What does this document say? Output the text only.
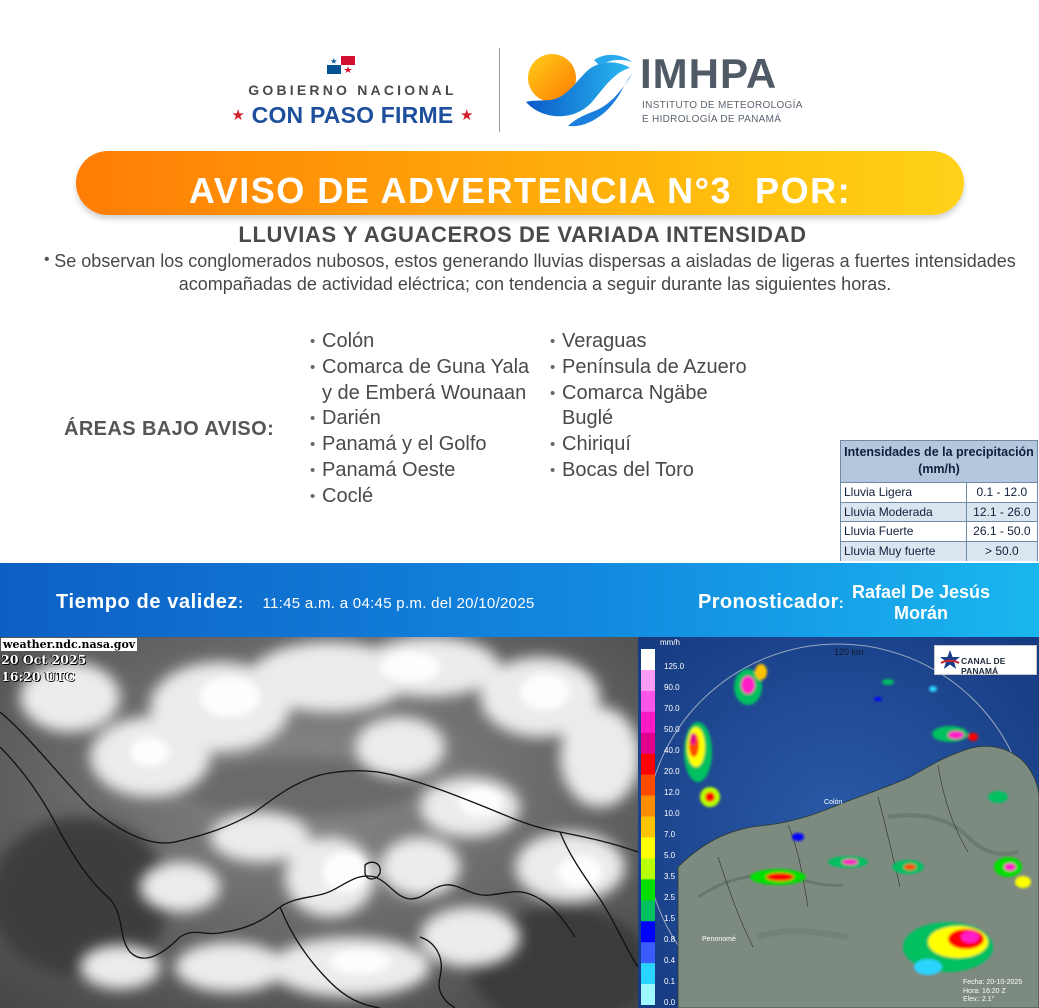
GOBIERNO NACIONAL
★ CON PASO FIRME ★
IMHPA
INSTITUTO DE METEOROLOGÍA
E HIDROLOGÍA DE PANAMÁ
AVISO DE ADVERTENCIA N°3  POR:
LLUVIAS Y AGUACEROS DE VARIADA INTENSIDAD
• Se observan los conglomerados nubosos, estos generando lluvias dispersas a aisladas de ligeras a fuertes intensidades acompañadas de actividad eléctrica; con tendencia a seguir durante las siguientes horas.
ÁREAS BAJO AVISO:
• Colón
• Comarca de Guna Yala y de Emberá Wounaan
• Darién
• Panamá y el Golfo
• Panamá Oeste
• Coclé
• Veraguas
• Península de Azuero
• Comarca Ngäbe Buglé
• Chiriquí
• Bocas del Toro
Intensidades de la precipitación (mm/h)
Lluvia Ligera	0.1 - 12.0
Lluvia Moderada	12.1 - 26.0
Lluvia Fuerte	26.1 - 50.0
Lluvia Muy fuerte	> 50.0
Tiempo de validez: 11:45 a.m. a 04:45 p.m. del 20/10/2025	Pronosticador:
Rafael De Jesús Morán
weather.ndc.nasa.gov
20 Oct 2025
16:20 UTC
mm/h
125.0
90.0
70.0
50.0
40.0
20.0
12.0
10.0
7.0
5.0
3.5
2.5
1.5
0.8
0.4
0.1
0.0
120 km
CANAL DE PANAMÁ
Colón
Penonomé
Fecha: 20-10-2025
Hora: 16:20 Z
Elev.: 2.1°
